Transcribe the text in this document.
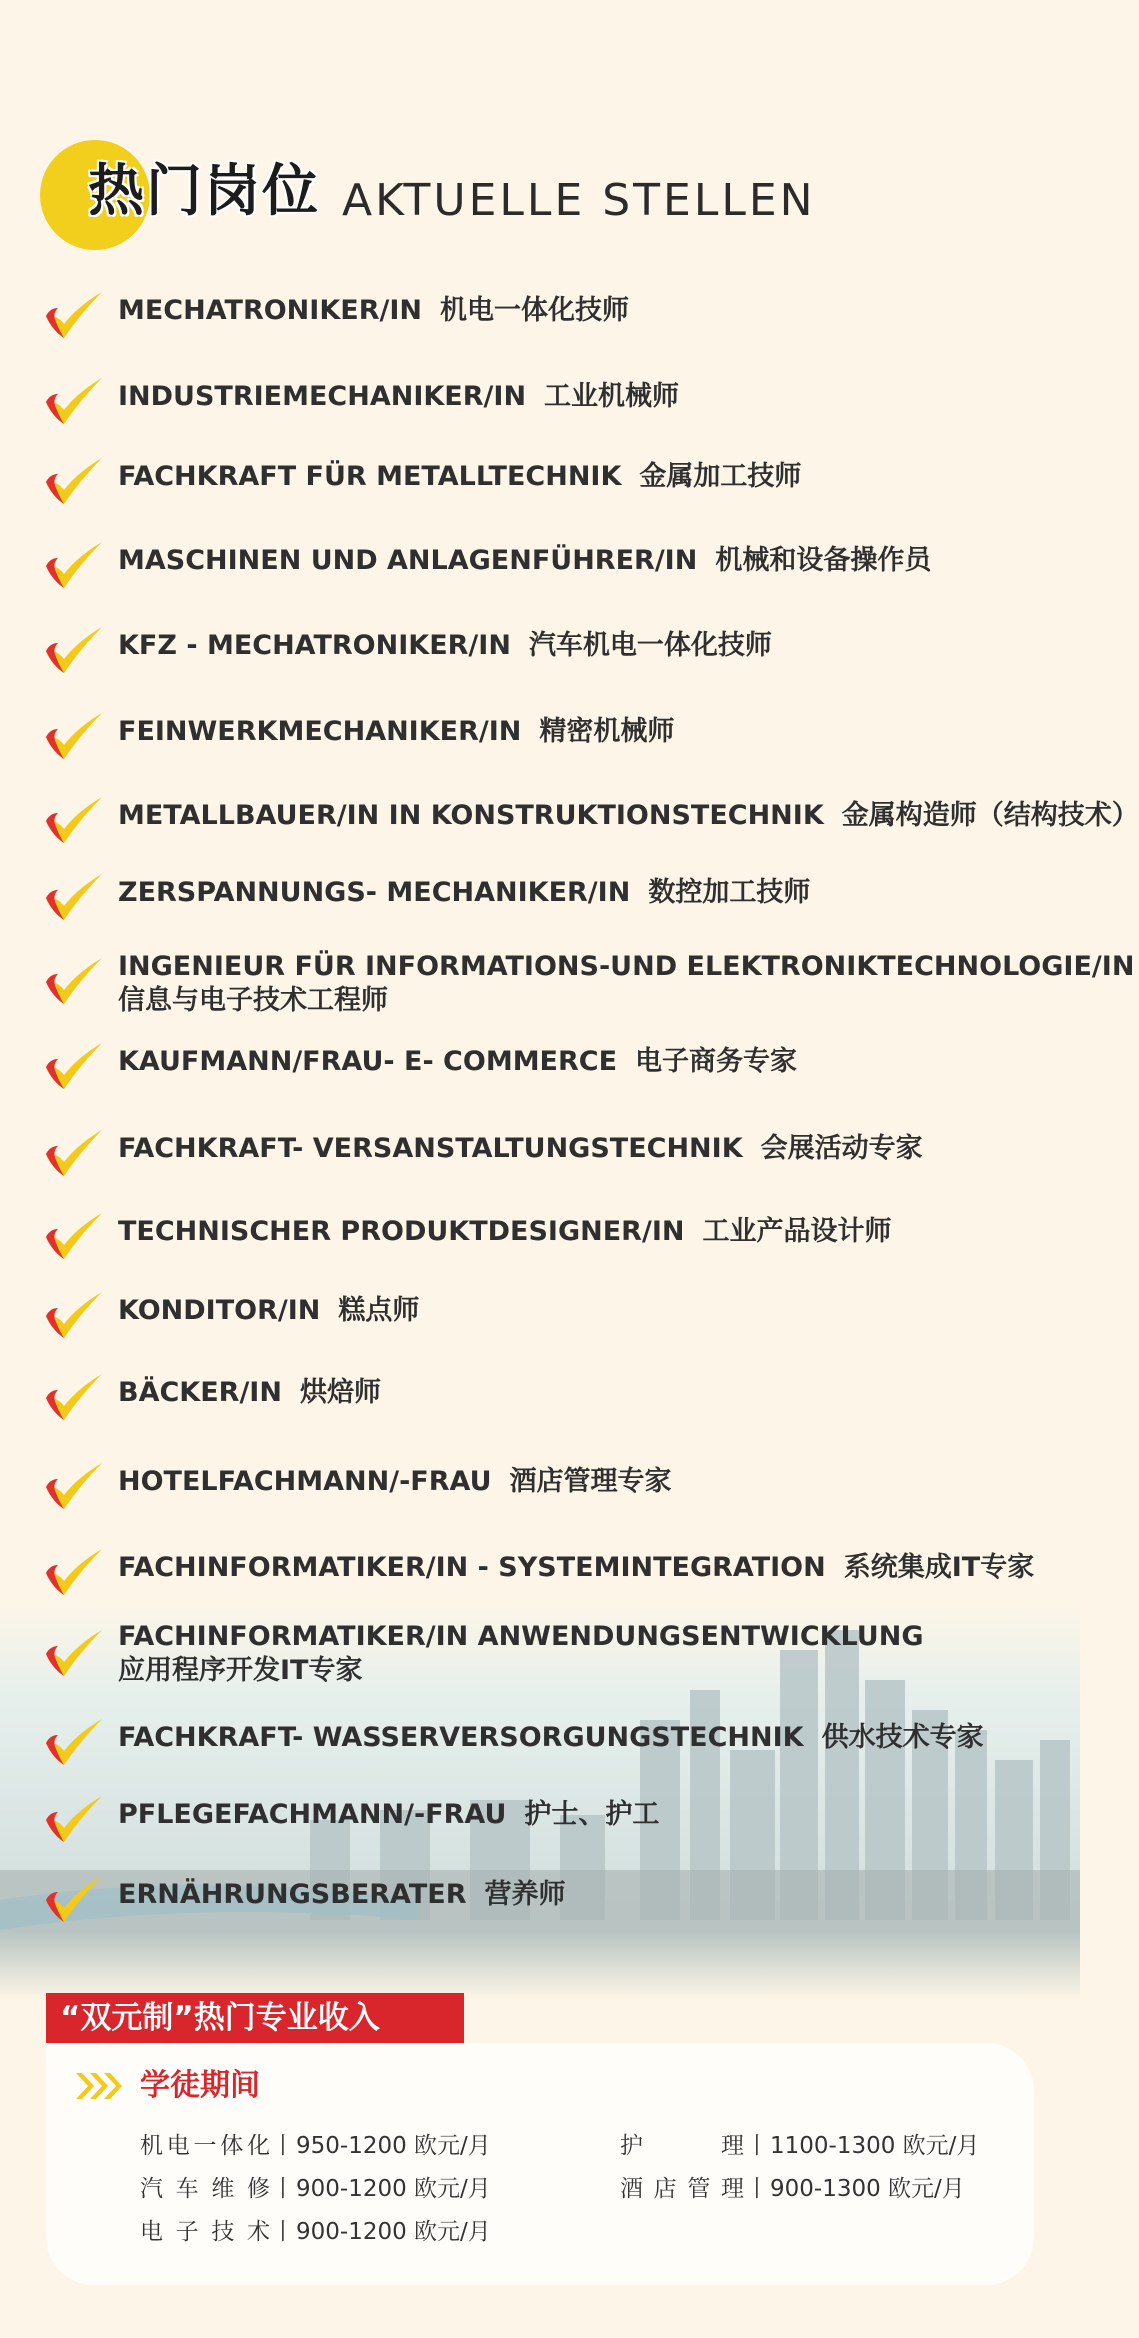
热门岗位 AKTUELLE STELLEN
MECHATRONIKER/IN 机电一体化技师
INDUSTRIEMECHANIKER/IN 工业机械师
FACHKRAFT FÜR METALLTECHNIK 金属加工技师
MASCHINEN UND ANLAGENFÜHRER/IN 机械和设备操作员
KFZ - MECHATRONIKER/IN 汽车机电一体化技师
FEINWERKMECHANIKER/IN 精密机械师
METALLBAUER/IN IN KONSTRUKTIONSTECHNIK 金属构造师（结构技术）
ZERSPANNUNGS- MECHANIKER/IN 数控加工技师
INGENIEUR FÜR INFORMATIONS-UND ELEKTRONIKTECHNOLOGIE/IN
信息与电子技术工程师
KAUFMANN/FRAU- E- COMMERCE 电子商务专家
FACHKRAFT- VERSANSTALTUNGSTECHNIK 会展活动专家
TECHNISCHER PRODUKTDESIGNER/IN 工业产品设计师
KONDITOR/IN 糕点师
BÄCKER/IN 烘焙师
HOTELFACHMANN/-FRAU 酒店管理专家
FACHINFORMATIKER/IN - SYSTEMINTEGRATION 系统集成IT专家
FACHINFORMATIKER/IN ANWENDUNGSENTWICKLUNG
应用程序开发IT专家
FACHKRAFT- WASSERVERSORGUNGSTECHNIK 供水技术专家
PFLEGEFACHMANN/-FRAU 护士、护工
ERNÄHRUNGSBERATER 营养师
“双元制”热门专业收入
学徒期间
机电一体化丨950-1200 欧元/月
汽车维修丨900-1200 欧元/月
电子技术丨900-1200 欧元/月
护理丨1100-1300 欧元/月
酒店管理丨900-1300 欧元/月
